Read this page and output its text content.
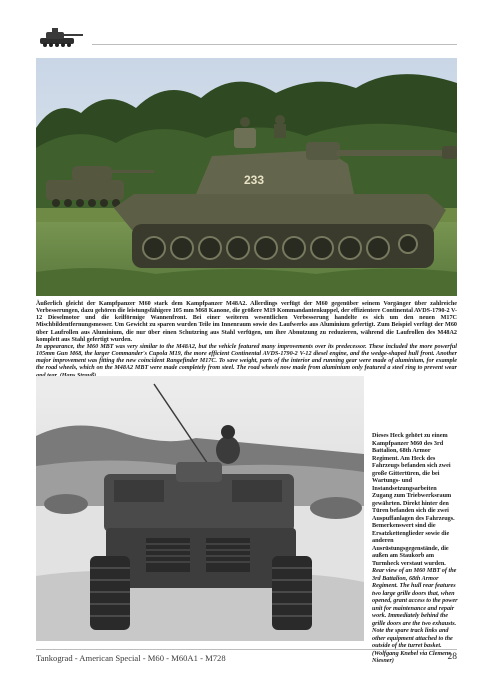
233

Äußerlich gleicht der Kampfpanzer M60 stark dem Kampfpanzer M48A2. Allerdings verfügt der M60 gegenüber seinem Vorgänger über zahlreiche Verbesserungen, dazu gehören die leistungsfähigere 105 mm M68 Kanone, die größere M19 Kommandantenkuppel, der effizientere Continental AVDS-1790-2 V-12 Dieselmotor und die keilförmige Wannenfront. Bei einer weiteren wesentlichen Verbesserung handelte es sich um den neuen M17C Mischbildentfernungsmesser. Um Gewicht zu sparen wurden Teile im Innenraum sowie des Laufwerks aus Aluminium gefertigt. Zum Beispiel verfügt der M60 über Laufrollen aus Aluminium, die nur über einen Schutzring aus Stahl verfügen, um ihre Abnutzung zu reduzieren, während die Laufrollen des M48A2 komplett aus Stahl gefertigt wurden.

In appearance, the M60 MBT was very similar to the M48A2, but the vehicle featured many improvements over its predecessor. These included the more powerful 105mm Gun M68, the larger Commander's Cupola M19, the more efficient Continental AVDS-1790-2 V-12 diesel engine, and the wedge-shaped hull front. Another major improvement was fitting the new coincident Rangefinder M17C. To save weight, parts of the interior and running gear were made of aluminium, for example the road wheels, which on the M48A2 MBT were made completely from steel. The road wheels now made from aluminium only featured a steel ring to prevent wear

Dieses Heck gehört zu einem Kampfpanzer M60 des 3rd Battalion, 68th Armor Regiment. Am Heck des Fahrzeugs befanden sich zwei große Gittertüren, die bei Wartungs- und Instandsetzungsarbeiten Zugang zum Triebwerksraum gewährten. Direkt hinter den Türen befanden sich die zwei Auspuffanlagen des Fahrzeugs. Bemerkenswert sind die Ersatzkettenglieder sowie die anderen Ausrüstungsgegenstände, die außen am Staukorb am Turmheck verstaut wurden.

Rear view of an M60 MBT of the 3rd Battalion, 68th Armor Regiment. The hull rear features two large grille doors that, when opened, grant access to the power unit for maintenance and repair work. Immediately behind the grille doors are the two exhausts. Note the spare track links and other equipment attached to the outside of the turret basket. (Wolfgang Knebel via Clemens Niesner)

Tankograd - American Special - M60 - M60A1 - M728	28
